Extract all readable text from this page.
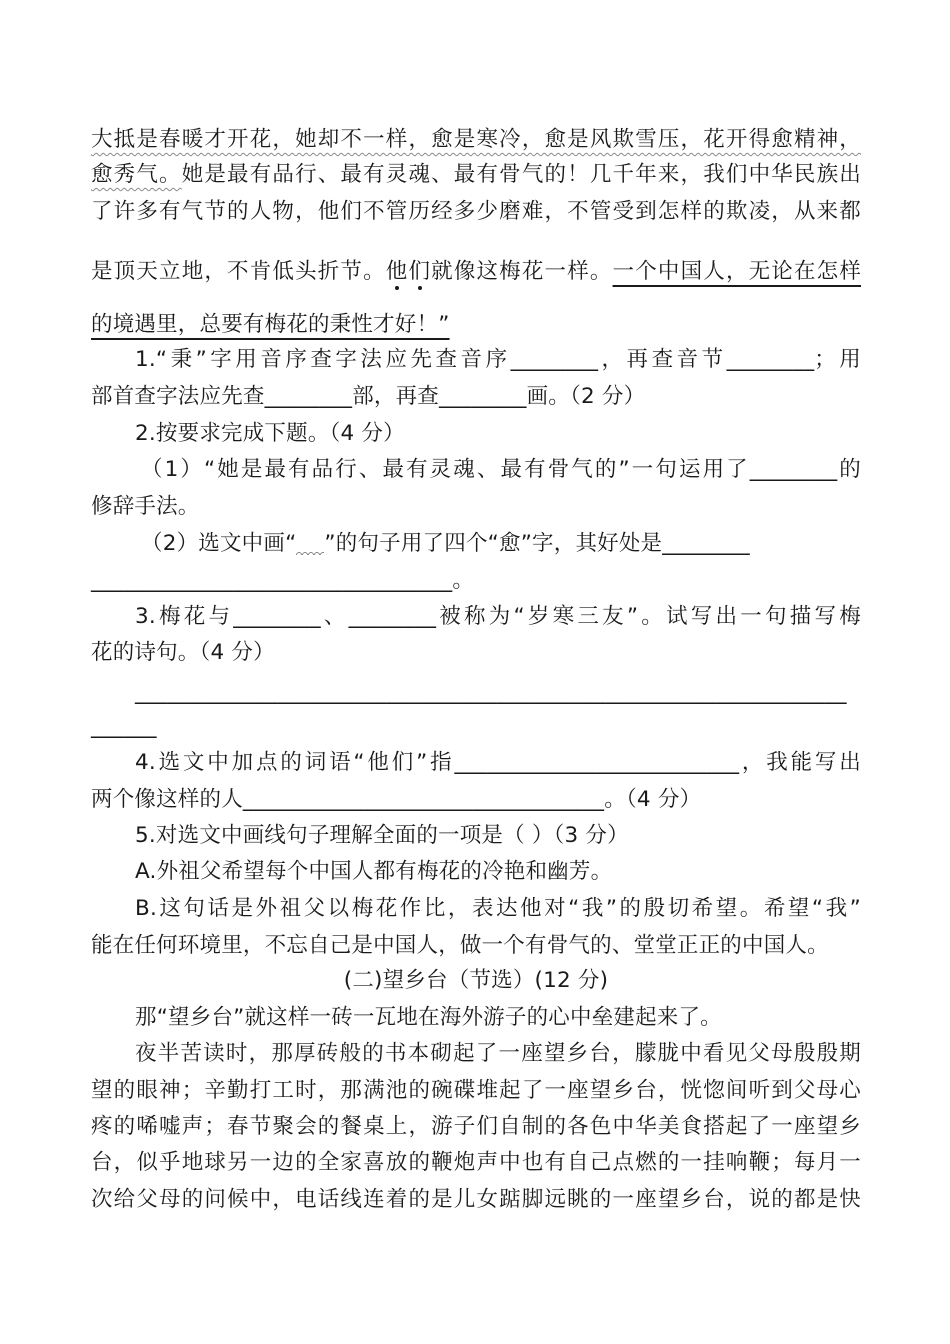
大抵是春暖才开花，她却不一样，愈是寒冷，愈是风欺雪压，花开得愈精神，
愈秀气。她是最有品行、最有灵魂、最有骨气的！几千年来，我们中华民族出
了许多有气节的人物，他们不管历经多少磨难，不管受到怎样的欺凌，从来都
是顶天立地，不肯低头折节。他们就像这梅花一样。一个中国人，无论在怎样
的境遇里，总要有梅花的秉性才好！”
1.“秉”字用音序查字法应先查音序________，再查音节________；用
部首查字法应先查________部，再查________画。（2 分）
2.按要求完成下题。（4 分）
（1）“她是最有品行、最有灵魂、最有骨气的”一句运用了________的
修辞手法。
（2）选文中画“ ”的句子用了四个“愈”字，其好处是________
_________________________________。
3.梅花与________、________被称为“岁寒三友”。试写出一句描写梅
花的诗句。（4 分）
_________________________________________________________________
______
4.选文中加点的词语“他们”指__________________________，我能写出
两个像这样的人_________________________________。（4 分）
5.对选文中画线句子理解全面的一项是（ ）（3 分）
A.外祖父希望每个中国人都有梅花的冷艳和幽芳。
B.这句话是外祖父以梅花作比，表达他对“我”的殷切希望。希望“我”
能在任何环境里，不忘自己是中国人，做一个有骨气的、堂堂正正的中国人。
(二)望乡台（节选）(12 分)
那“望乡台”就这样一砖一瓦地在海外游子的心中垒建起来了。
夜半苦读时，那厚砖般的书本砌起了一座望乡台，朦胧中看见父母殷殷期
望的眼神；辛勤打工时，那满池的碗碟堆起了一座望乡台，恍惚间听到父母心
疼的唏嘘声；春节聚会的餐桌上，游子们自制的各色中华美食搭起了一座望乡
台，似乎地球另一边的全家喜放的鞭炮声中也有自己点燃的一挂响鞭；每月一
次给父母的问候中，电话线连着的是儿女踮脚远眺的一座望乡台，说的都是快
